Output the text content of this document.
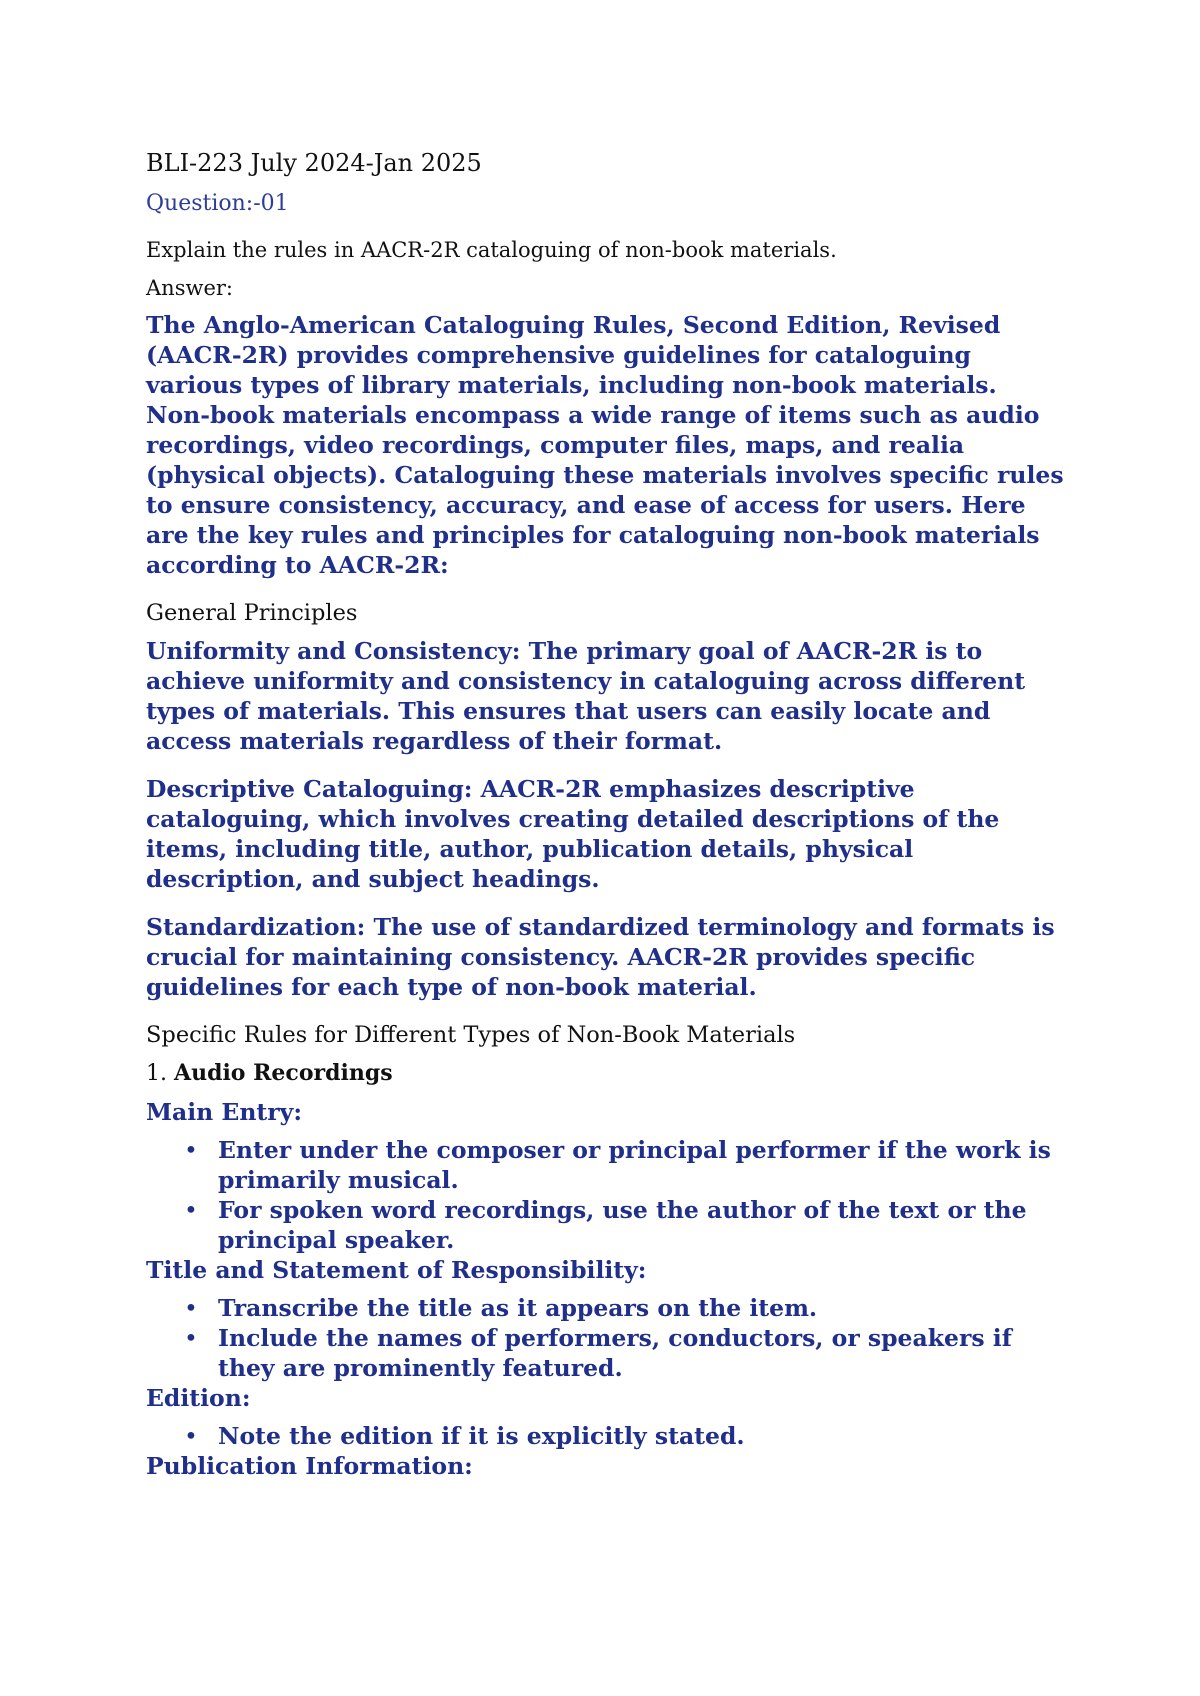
BLI-223 July 2024-Jan 2025
Question:-01
Explain the rules in AACR-2R cataloguing of non-book materials.
Answer:
The Anglo-American Cataloguing Rules, Second Edition, Revised (AACR-2R) provides comprehensive guidelines for cataloguing various types of library materials, including non-book materials. Non-book materials encompass a wide range of items such as audio recordings, video recordings, computer files, maps, and realia (physical objects). Cataloguing these materials involves specific rules to ensure consistency, accuracy, and ease of access for users. Here are the key rules and principles for cataloguing non-book materials according to AACR-2R:
General Principles
Uniformity and Consistency: The primary goal of AACR-2R is to achieve uniformity and consistency in cataloguing across different types of materials. This ensures that users can easily locate and access materials regardless of their format.
Descriptive Cataloguing: AACR-2R emphasizes descriptive cataloguing, which involves creating detailed descriptions of the items, including title, author, publication details, physical description, and subject headings.
Standardization: The use of standardized terminology and formats is crucial for maintaining consistency. AACR-2R provides specific guidelines for each type of non-book material.
Specific Rules for Different Types of Non-Book Materials
1. Audio Recordings
Main Entry:
• Enter under the composer or principal performer if the work is primarily musical.
• For spoken word recordings, use the author of the text or the principal speaker.
Title and Statement of Responsibility:
• Transcribe the title as it appears on the item.
• Include the names of performers, conductors, or speakers if they are prominently featured.
Edition:
• Note the edition if it is explicitly stated.
Publication Information:
